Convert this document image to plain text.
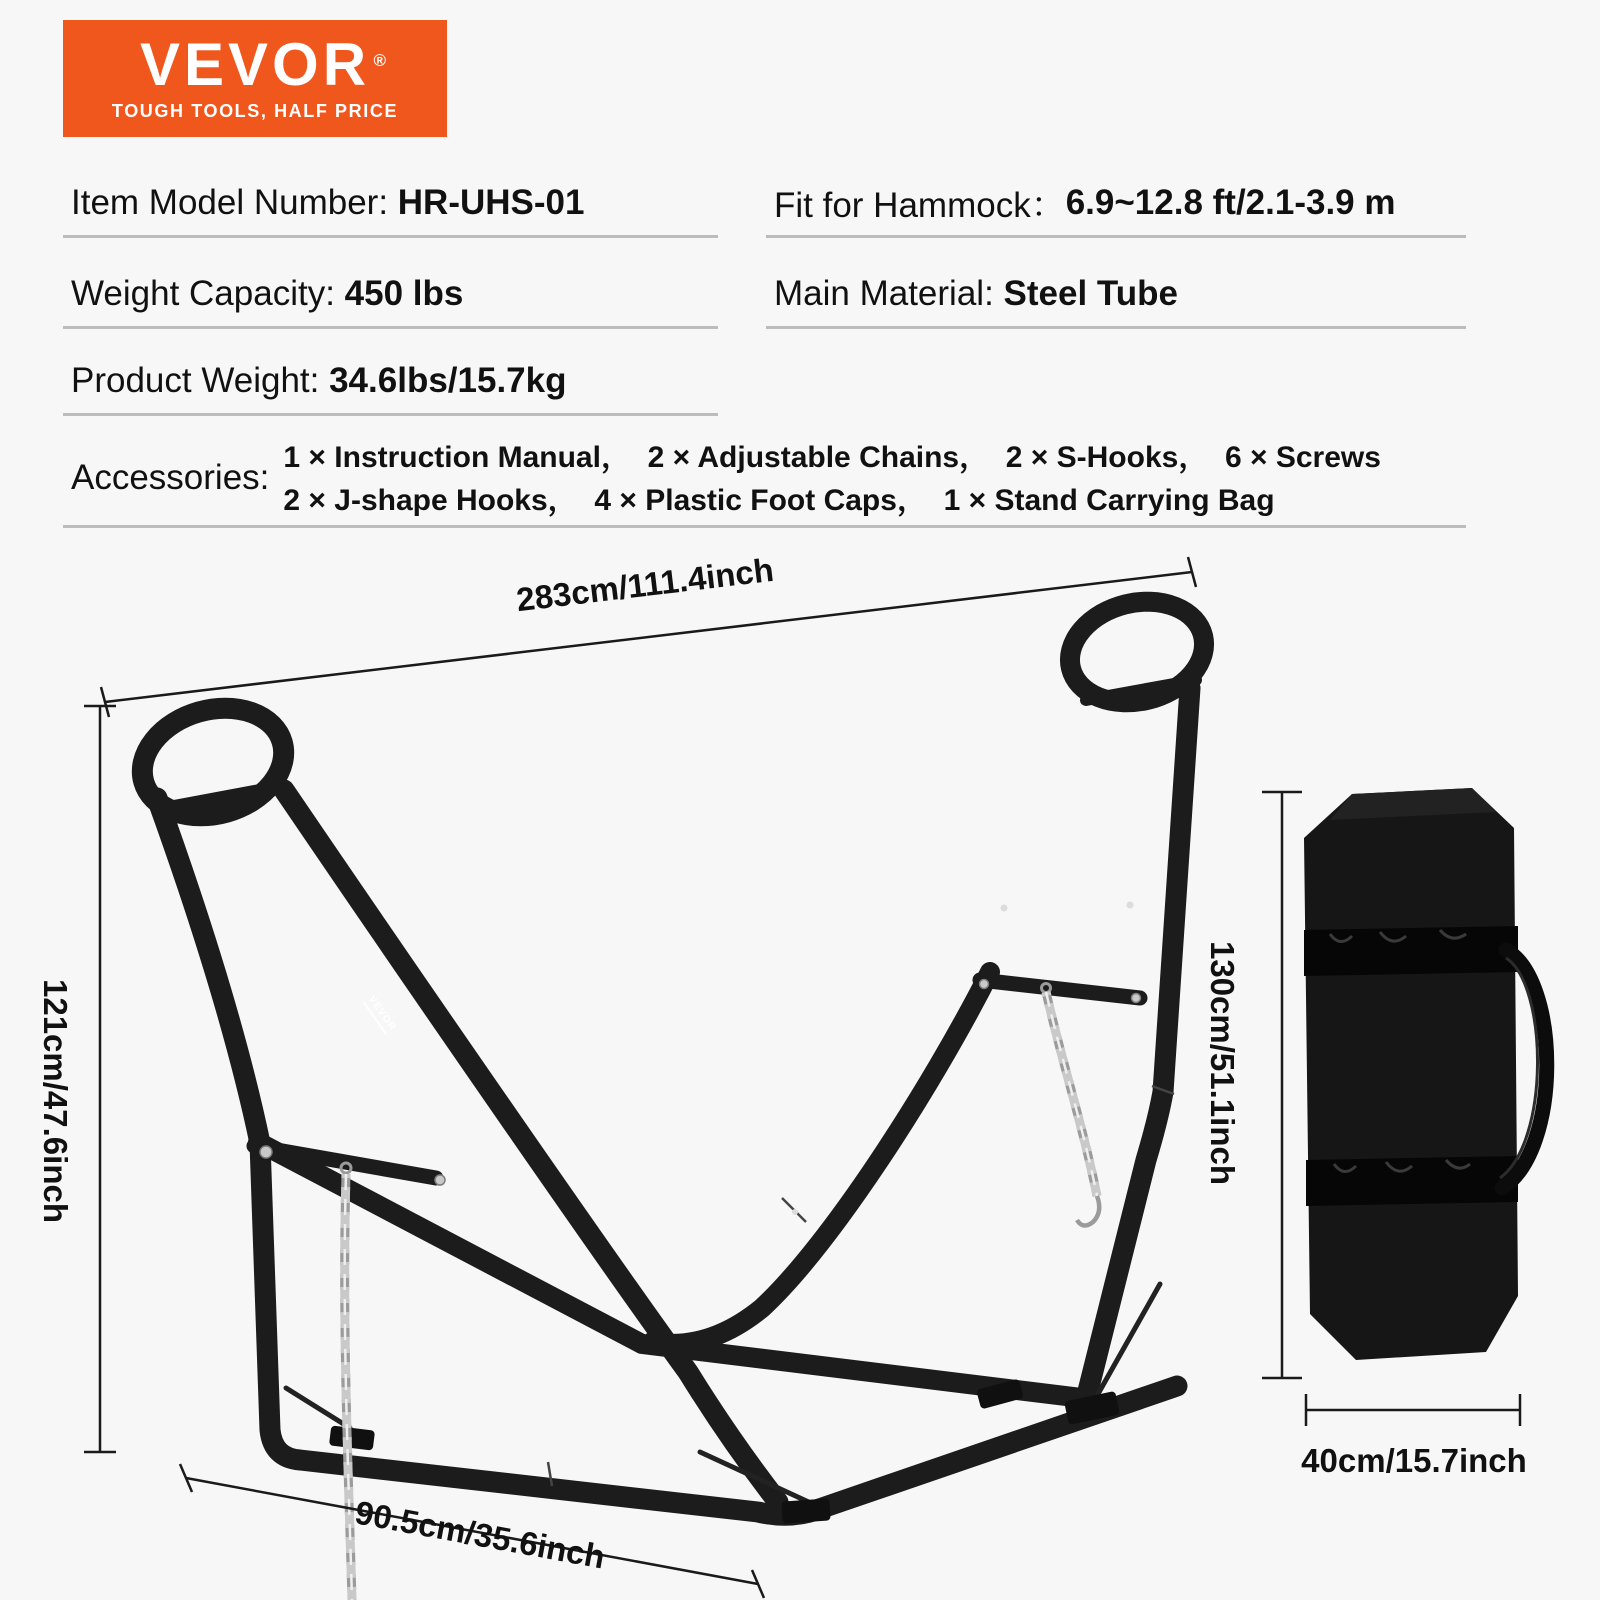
VEVOR ®
TOUGH TOOLS, HALF PRICE
Item Model Number: HR-UHS-01	Fit for Hammock： 6.9~12.8 ft/2.1-3.9 m
Weight Capacity: 450 lbs	Main Material: Steel Tube
Product Weight: 34.6lbs/15.7kg
Accessories:
1 × Instruction Manual，  2 × Adjustable Chains，  2 × S-Hooks，  6 × Screws
2 × J-shape Hooks，  4 × Plastic Foot Caps，  1 × Stand Carrying Bag
VEVOR
283cm/111.4inch
121cm/47.6inch
90.5cm/35.6inch
130cm/51.1inch
40cm/15.7inch
